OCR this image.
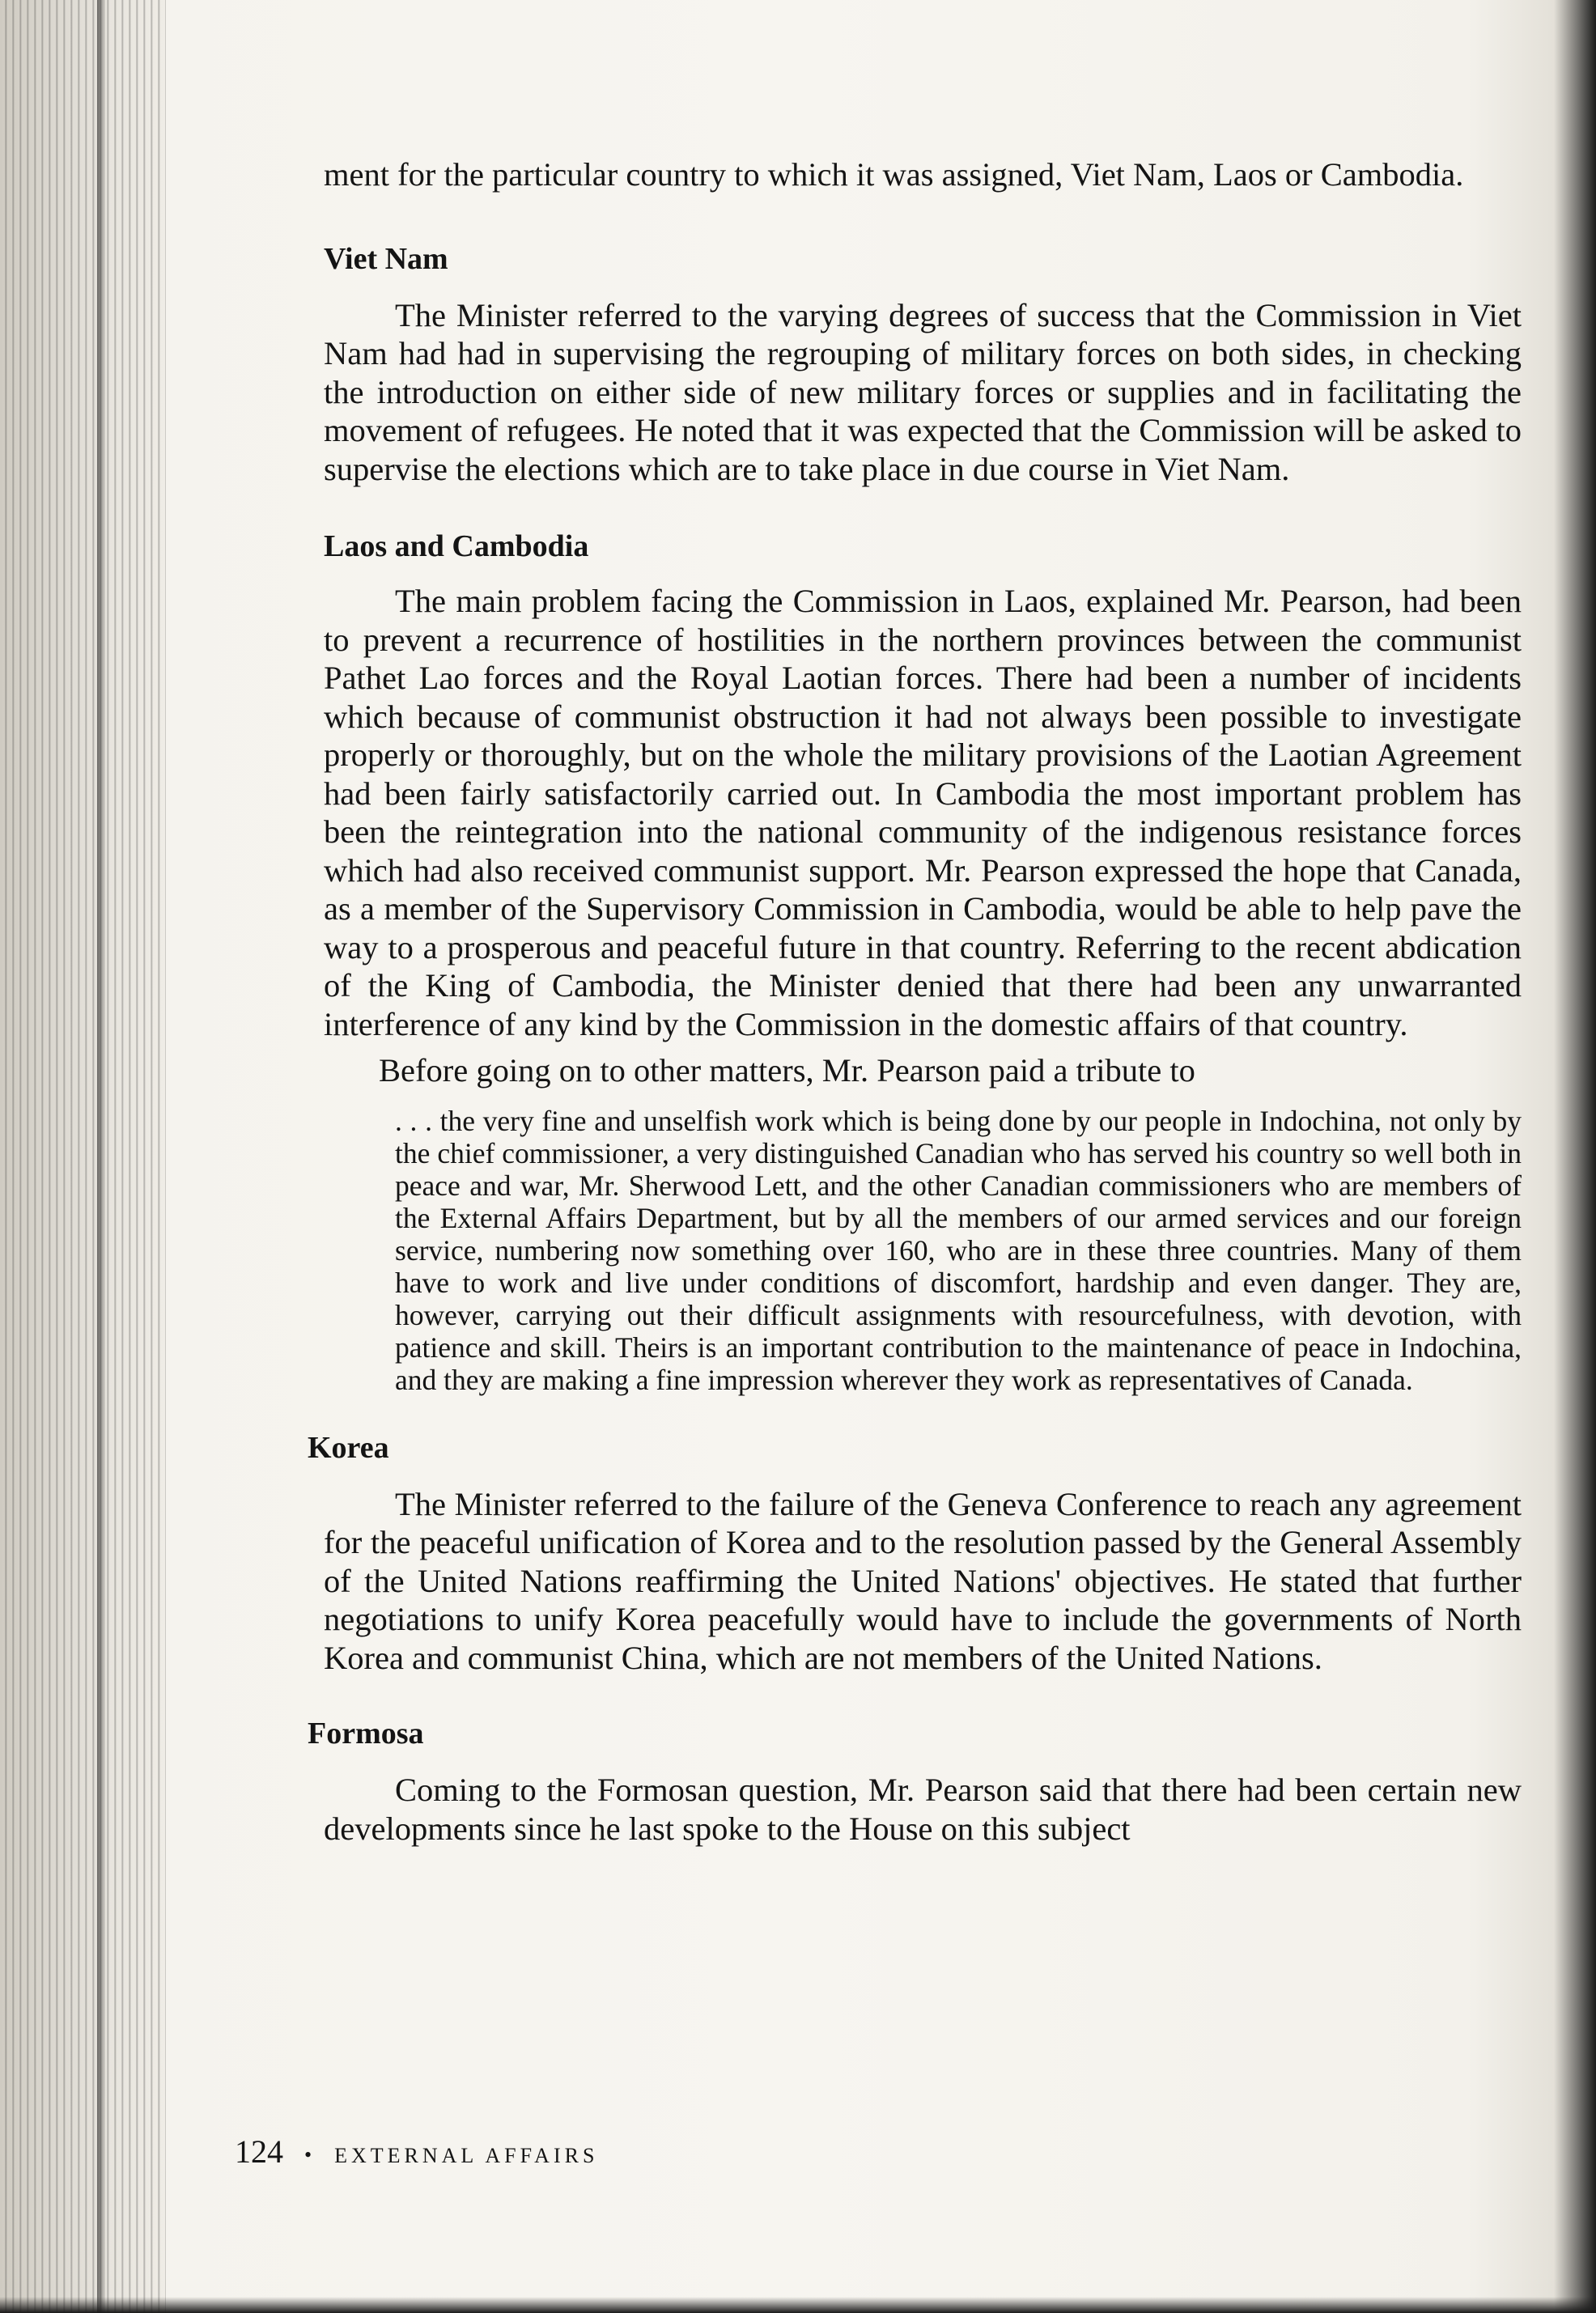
ment for the particular country to which it was assigned, Viet Nam, Laos or Cambodia.

Viet Nam

The Minister referred to the varying degrees of success that the Commission in Viet Nam had had in supervising the regrouping of military forces on both sides, in checking the introduction on either side of new military forces or supplies and in facilitating the movement of refugees. He noted that it was expected that the Commission will be asked to supervise the elections which are to take place in due course in Viet Nam.

Laos and Cambodia

The main problem facing the Commission in Laos, explained Mr. Pearson, had been to prevent a recurrence of hostilities in the northern provinces between the communist Pathet Lao forces and the Royal Laotian forces. There had been a number of incidents which because of communist obstruction it had not always been possible to investigate properly or thoroughly, but on the whole the military provisions of the Laotian Agreement had been fairly satisfactorily carried out. In Cambodia the most important problem has been the reintegration into the national community of the indigenous resistance forces which had also received communist support. Mr. Pearson expressed the hope that Canada, as a member of the Supervisory Commission in Cambodia, would be able to help pave the way to a prosperous and peaceful future in that country. Referring to the recent abdication of the King of Cambodia, the Minister denied that there had been any unwarranted interference of any kind by the Commission in the domestic affairs of that country.

Before going on to other matters, Mr. Pearson paid a tribute to

. . . the very fine and unselfish work which is being done by our people in Indochina, not only by the chief commissioner, a very distinguished Canadian who has served his country so well both in peace and war, Mr. Sherwood Lett, and the other Canadian commissioners who are members of the External Affairs Department, but by all the members of our armed services and our foreign service, numbering now something over 160, who are in these three countries. Many of them have to work and live under conditions of discomfort, hardship and even danger. They are, however, carrying out their difficult assignments with resourcefulness, with devotion, with patience and skill. Theirs is an important contribution to the maintenance of peace in Indochina, and they are making a fine impression wherever they work as representatives of Canada.

Korea

The Minister referred to the failure of the Geneva Conference to reach any agreement for the peaceful unification of Korea and to the resolution passed by the General Assembly of the United Nations reaffirming the United Nations' objectives. He stated that further negotiations to unify Korea peacefully would have to include the governments of North Korea and communist China, which are not members of the United Nations.

Formosa

Coming to the Formosan question, Mr. Pearson said that there had been certain new developments since he last spoke to the House on this subject

124 • EXTERNAL AFFAIRS
